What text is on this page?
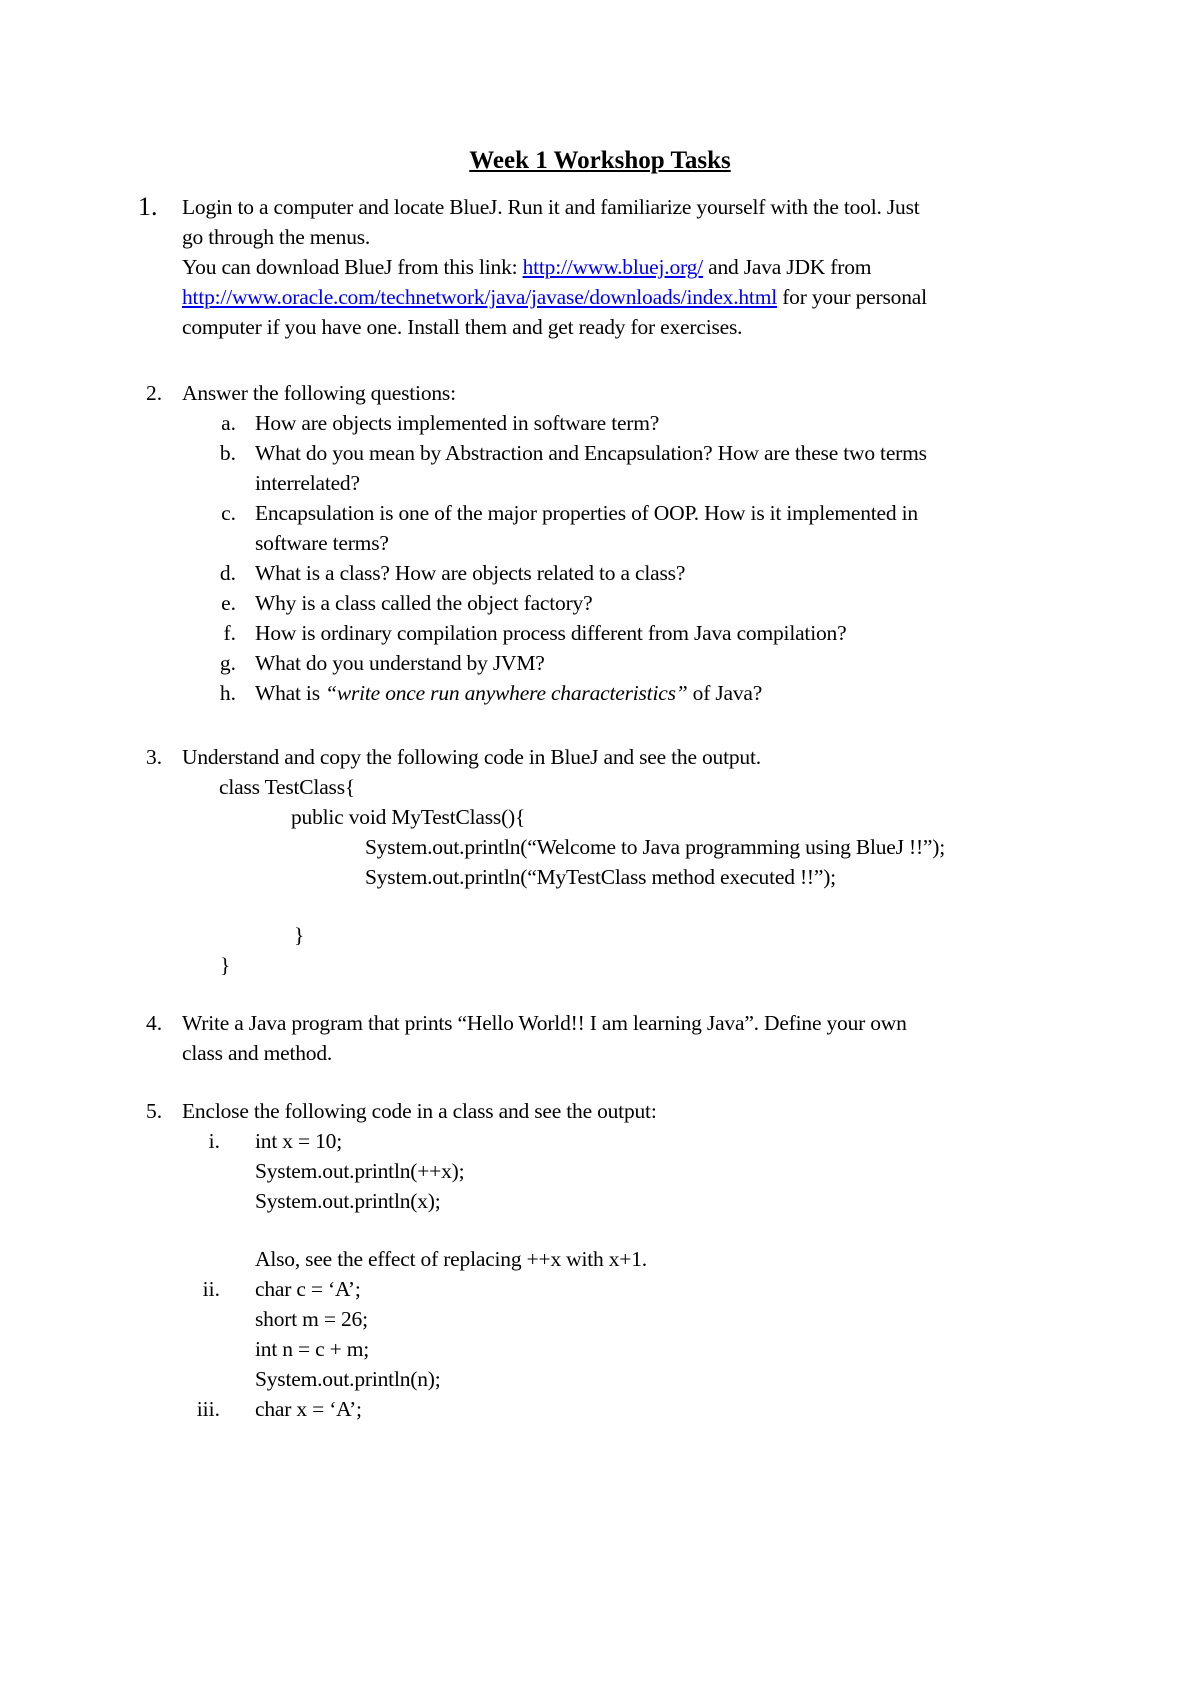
Week 1 Workshop Tasks
1. Login to a computer and locate BlueJ. Run it and familiarize yourself with the tool. Just
go through the menus.
You can download BlueJ from this link: http://www.bluej.org/ and Java JDK from
http://www.oracle.com/technetwork/java/javase/downloads/index.html for your personal
computer if you have one. Install them and get ready for exercises.
2. Answer the following questions:
a. How are objects implemented in software term?
b. What do you mean by Abstraction and Encapsulation? How are these two terms
interrelated?
c. Encapsulation is one of the major properties of OOP. How is it implemented in
software terms?
d. What is a class? How are objects related to a class?
e. Why is a class called the object factory?
f. How is ordinary compilation process different from Java compilation?
g. What do you understand by JVM?
h. What is “write once run anywhere characteristics” of Java?
3. Understand and copy the following code in BlueJ and see the output.
class TestClass{
public void MyTestClass(){
System.out.println(“Welcome to Java programming using BlueJ !!”);
System.out.println(“MyTestClass method executed !!”);
}
}
4. Write a Java program that prints “Hello World!! I am learning Java”. Define your own
class and method.
5. Enclose the following code in a class and see the output:
i. int x = 10;
System.out.println(++x);
System.out.println(x);
Also, see the effect of replacing ++x with x+1.
ii. char c = ‘A’;
short m = 26;
int n = c + m;
System.out.println(n);
iii. char x = ‘A’;
